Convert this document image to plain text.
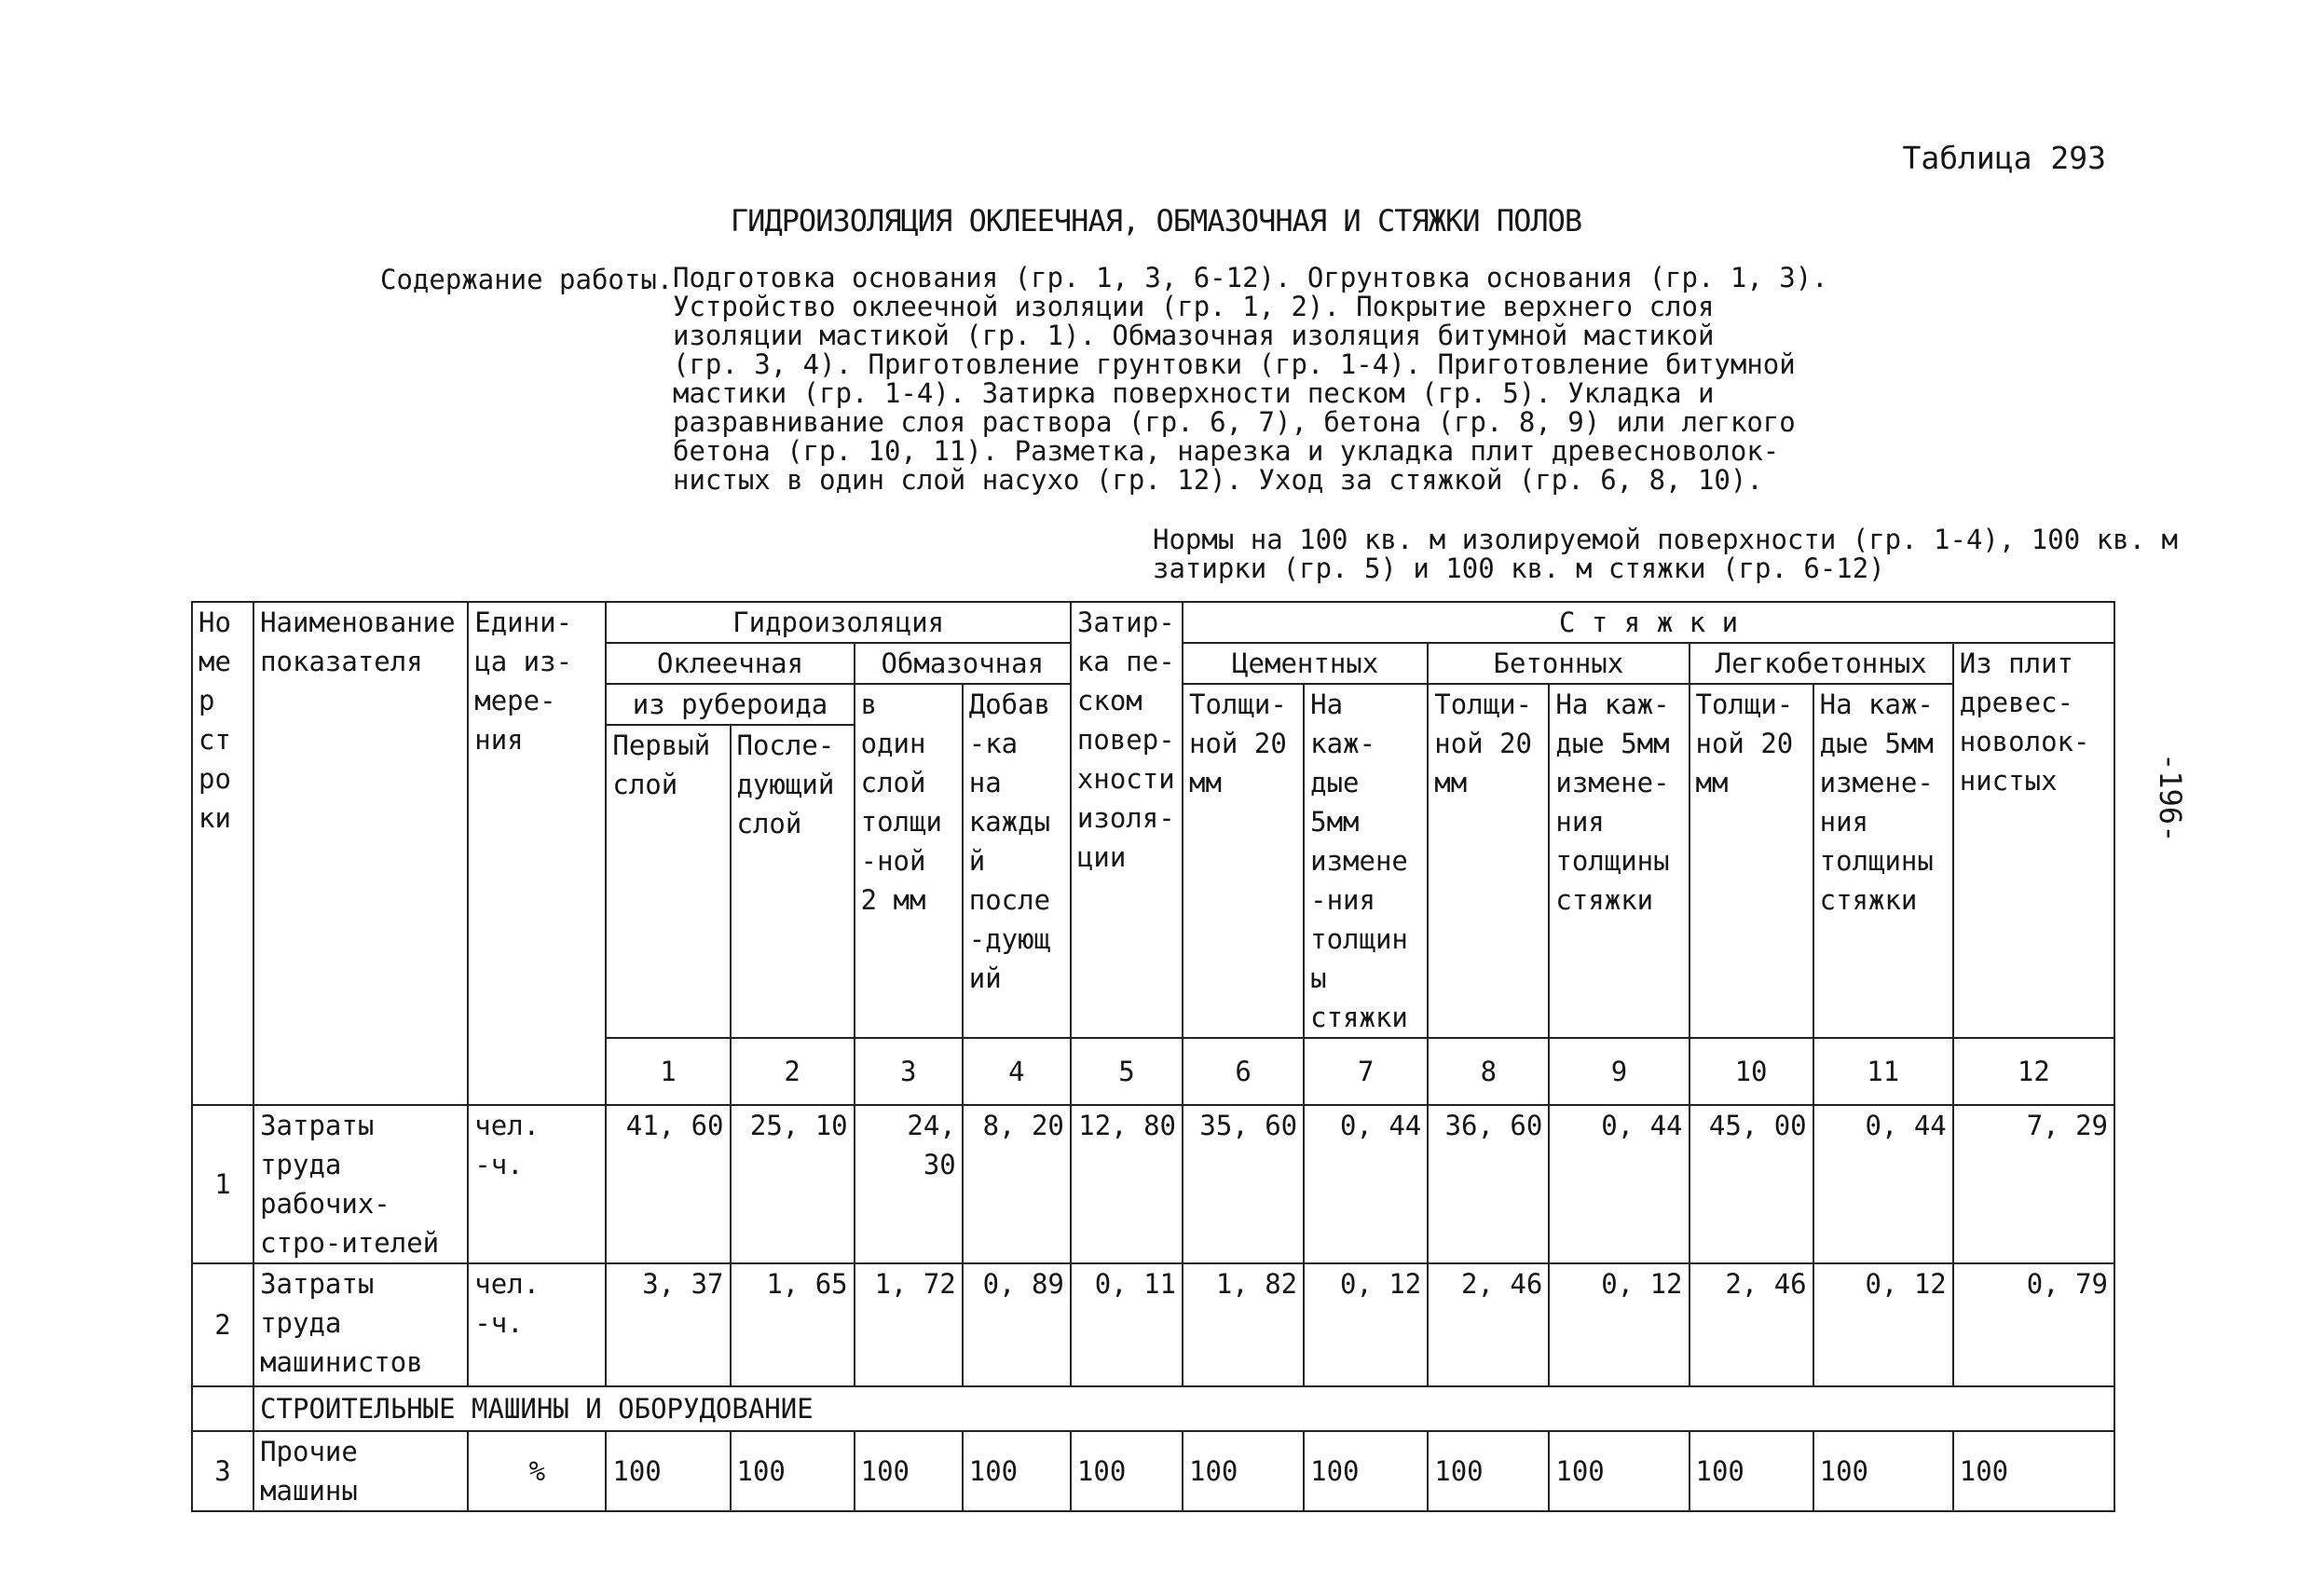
Таблица 293
ГИДРОИЗОЛЯЦИЯ ОКЛЕЕЧНАЯ, ОБМАЗОЧНАЯ И СТЯЖКИ ПОЛОВ
Содержание работы. Подготовка основания (гр. 1, 3, 6-12). Огрунтовка основания (гр. 1, 3).
Устройство оклеечной изоляции (гр. 1, 2). Покрытие верхнего слоя
изоляции мастикой (гр. 1). Обмазочная изоляция битумной мастикой
(гр. 3, 4). Приготовление грунтовки (гр. 1-4). Приготовление битумной
мастики (гр. 1-4). Затирка поверхности песком (гр. 5). Укладка и
разравнивание слоя раствора (гр. 6, 7), бетона (гр. 8, 9) или легкого
бетона (гр. 10, 11). Разметка, нарезка и укладка плит древесноволок-
нистых в один слой насухо (гр. 12). Уход за стяжкой (гр. 6, 8, 10).
Нормы на 100 кв. м изолируемой поверхности (гр. 1-4), 100 кв. м
затирки (гр. 5) и 100 кв. м стяжки (гр. 6-12)
-196-
Номер строки	Наименование показателя	Едини-ца из-мере-ния	Гидроизоляция				Затир-ка пе-ском повер-хности изоля-ции	С т я ж к и						
			Оклеечная		Обмазочная			Цементных		Бетонных		Легкобетонных		Из плит древес-новолок-нистых
			из рубероида		в один слой толщи-ной 2 мм	Добав-ка на каждый после-дующий		Толщи-ной 20 мм	На каж-дые 5мм измене-ния толщины стяжки	Толщи-ной 20 мм	На каж-дые 5мм измене-ния толщины стяжки	Толщи-ной 20 мм	На каж-дые 5мм измене-ния толщины стяжки	
			Первый слой	После-дующий слой										

			1	2	3	4	5	6	7	8	9	10	11	12
1	Затраты труда рабочих-стро-ителей	чел. -ч.	41, 60	25, 10	24, 30	8, 20	12, 80	35, 60	0, 44	36, 60	0, 44	45, 00	0, 44	7, 29
2	Затраты труда машинистов	чел. -ч.	3, 37	1, 65	1, 72	0, 89	0, 11	1, 82	0, 12	2, 46	0, 12	2, 46	0, 12	0, 79
	СТРОИТЕЛЬНЫЕ МАШИНЫ И ОБОРУДОВАНИЕ													
3	Прочие машины	%	100	100	100	100	100	100	100	100	100	100	100	100
